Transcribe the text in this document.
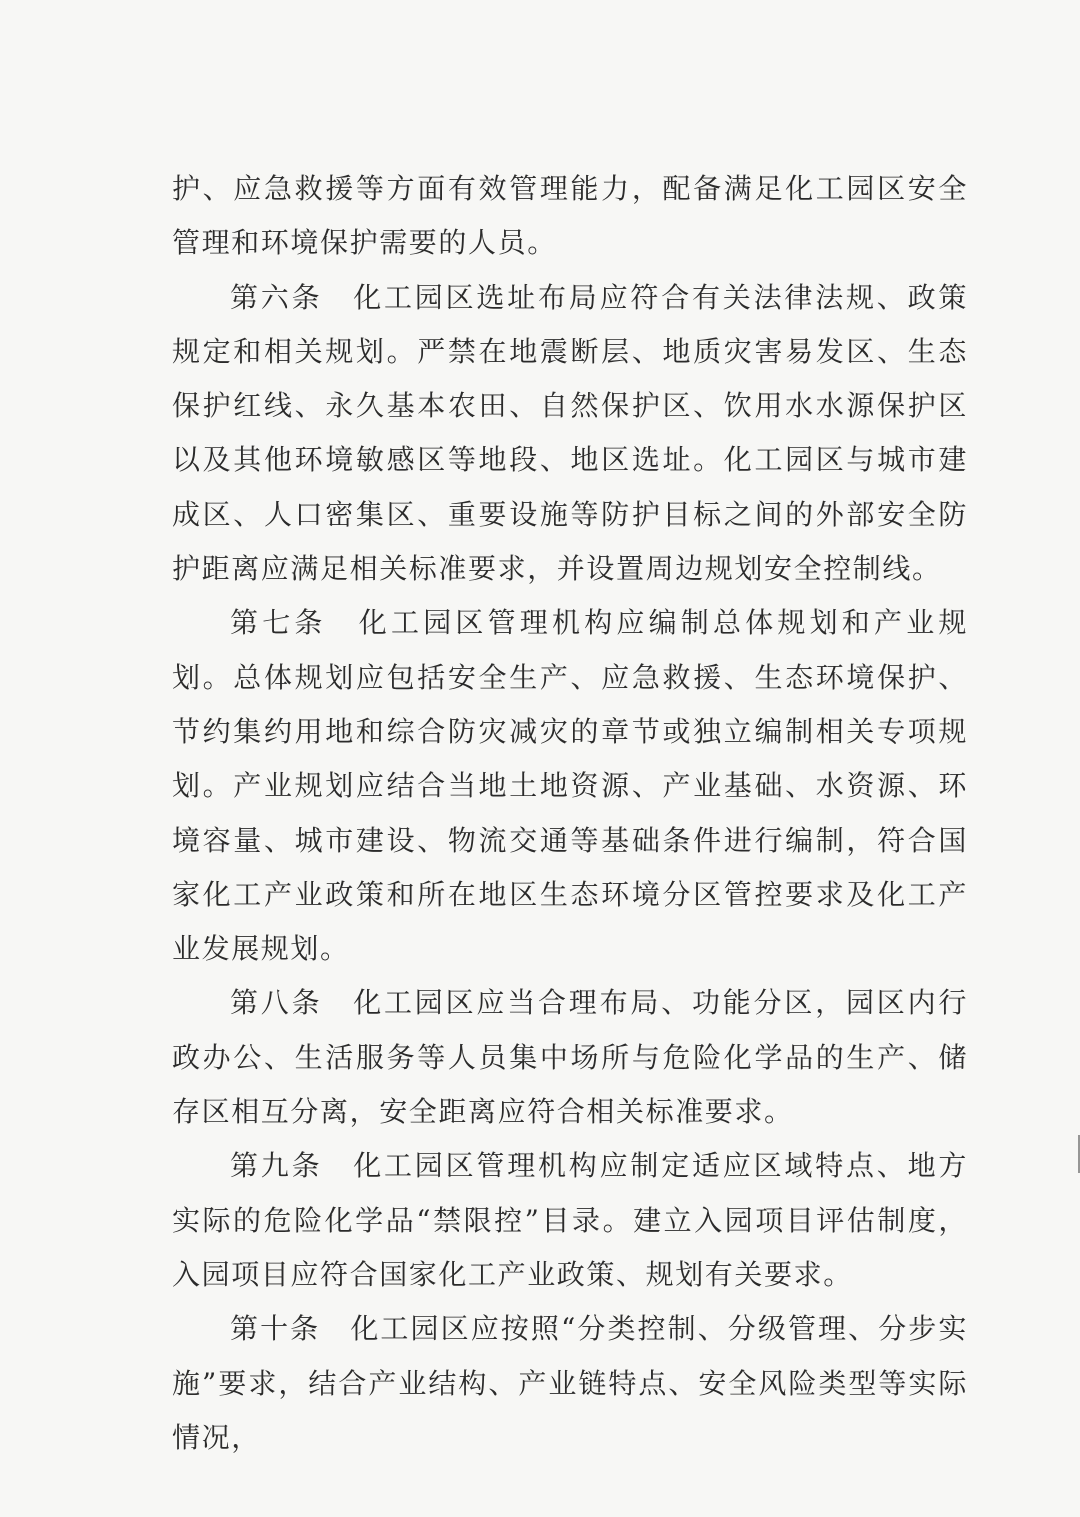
护、应急救援等方面有效管理能力，配备满足化工园区安全管理和环境保护需要的人员。

第六条　化工园区选址布局应符合有关法律法规、政策规定和相关规划。严禁在地震断层、地质灾害易发区、生态保护红线、永久基本农田、自然保护区、饮用水水源保护区以及其他环境敏感区等地段、地区选址。化工园区与城市建成区、人口密集区、重要设施等防护目标之间的外部安全防护距离应满足相关标准要求，并设置周边规划安全控制线。

第七条　化工园区管理机构应编制总体规划和产业规划。总体规划应包括安全生产、应急救援、生态环境保护、节约集约用地和综合防灾减灾的章节或独立编制相关专项规划。产业规划应结合当地土地资源、产业基础、水资源、环境容量、城市建设、物流交通等基础条件进行编制，符合国家化工产业政策和所在地区生态环境分区管控要求及化工产业发展规划。

第八条　化工园区应当合理布局、功能分区，园区内行政办公、生活服务等人员集中场所与危险化学品的生产、储存区相互分离，安全距离应符合相关标准要求。

第九条　化工园区管理机构应制定适应区域特点、地方实际的危险化学品“禁限控”目录。建立入园项目评估制度，入园项目应符合国家化工产业政策、规划有关要求。

第十条　化工园区应按照“分类控制、分级管理、分步实施”要求，结合产业结构、产业链特点、安全风险类型等实际情况，
